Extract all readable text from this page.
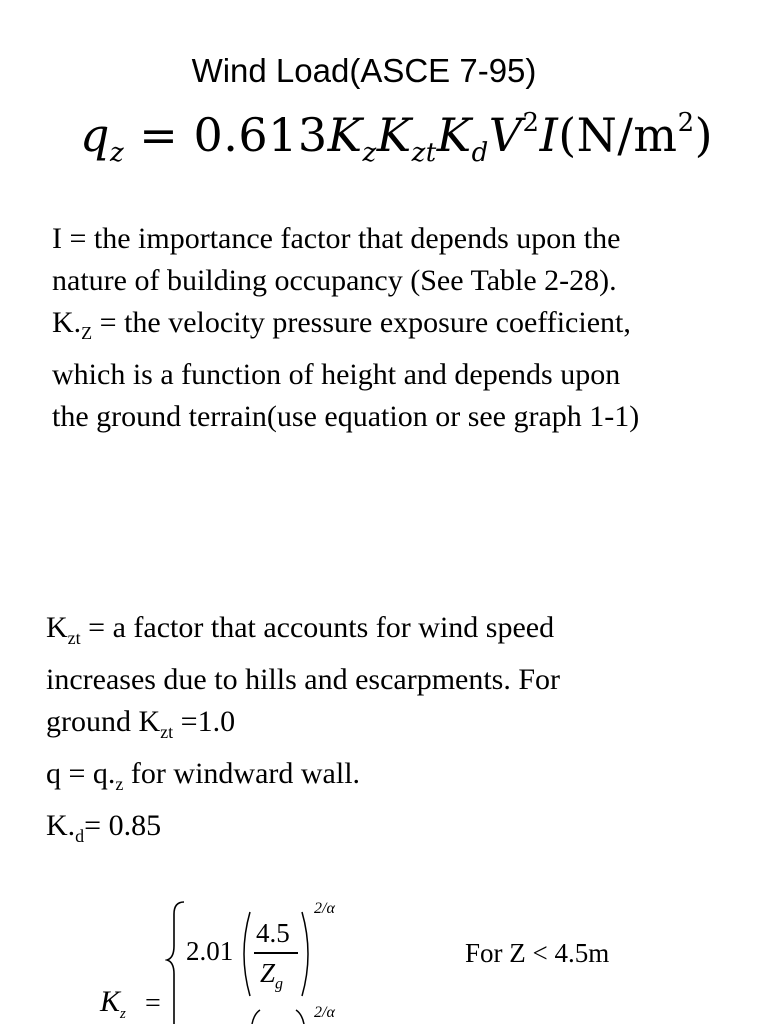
Wind Load(ASCE 7-95)
$q_z = 0.613K_zK_{zt}K_dV^2I(N/m^2)$
I = the importance factor that depends upon the
nature of building occupancy (See Table 2-28).
$K._Z$ = the velocity pressure exposure coefficient,
which is a function of height and depends upon
the ground terrain(use equation or see graph 1-1)
$K_{zt} = a$ factor that accounts for wind speed
increases due to hills and escarpments. For
ground $K_{zt} =1.0$
$q = q._z$ for windward wall.
$K._d= 0.85$
$K_z$ =
2.01
4.5
$Z_g$
2/α
For Z < 4.5m
2/α
